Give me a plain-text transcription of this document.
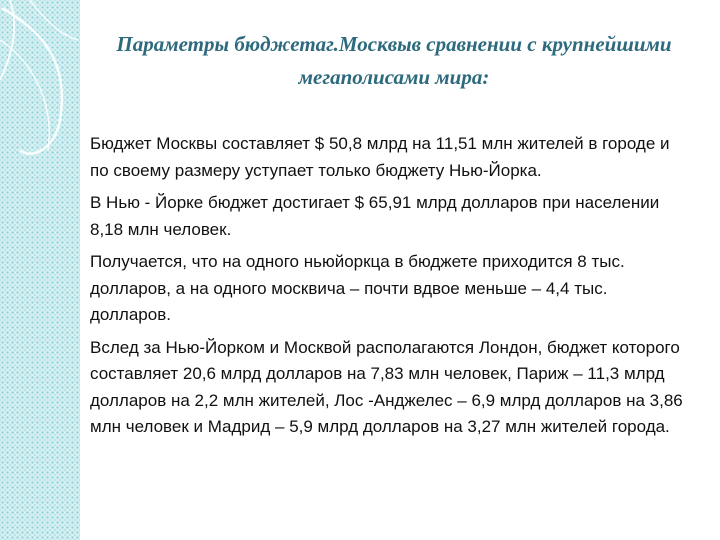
Параметры бюджетаг.Москвыв сравнении с крупнейшими мегаполисами мира:

Бюджет Москвы составляет $ 50,8 млрд на 11,51 млн жителей в городе и по своему размеру уступает только бюджету Нью-Йорка.

В Нью - Йорке бюджет достигает $ 65,91 млрд долларов при населении 8,18 млн человек.

Получается, что на одного ньюйоркца в бюджете приходится 8 тыс. долларов, а на одного москвича – почти вдвое меньше – 4,4 тыс. долларов.

Вслед за Нью-Йорком и Москвой располагаются Лондон, бюджет которого составляет 20,6 млрд долларов на 7,83 млн человек, Париж – 11,3 млрд долларов на 2,2 млн жителей, Лос -Анджелес – 6,9 млрд долларов на 3,86 млн человек и Мадрид – 5,9 млрд долларов на 3,27 млн жителей города.
